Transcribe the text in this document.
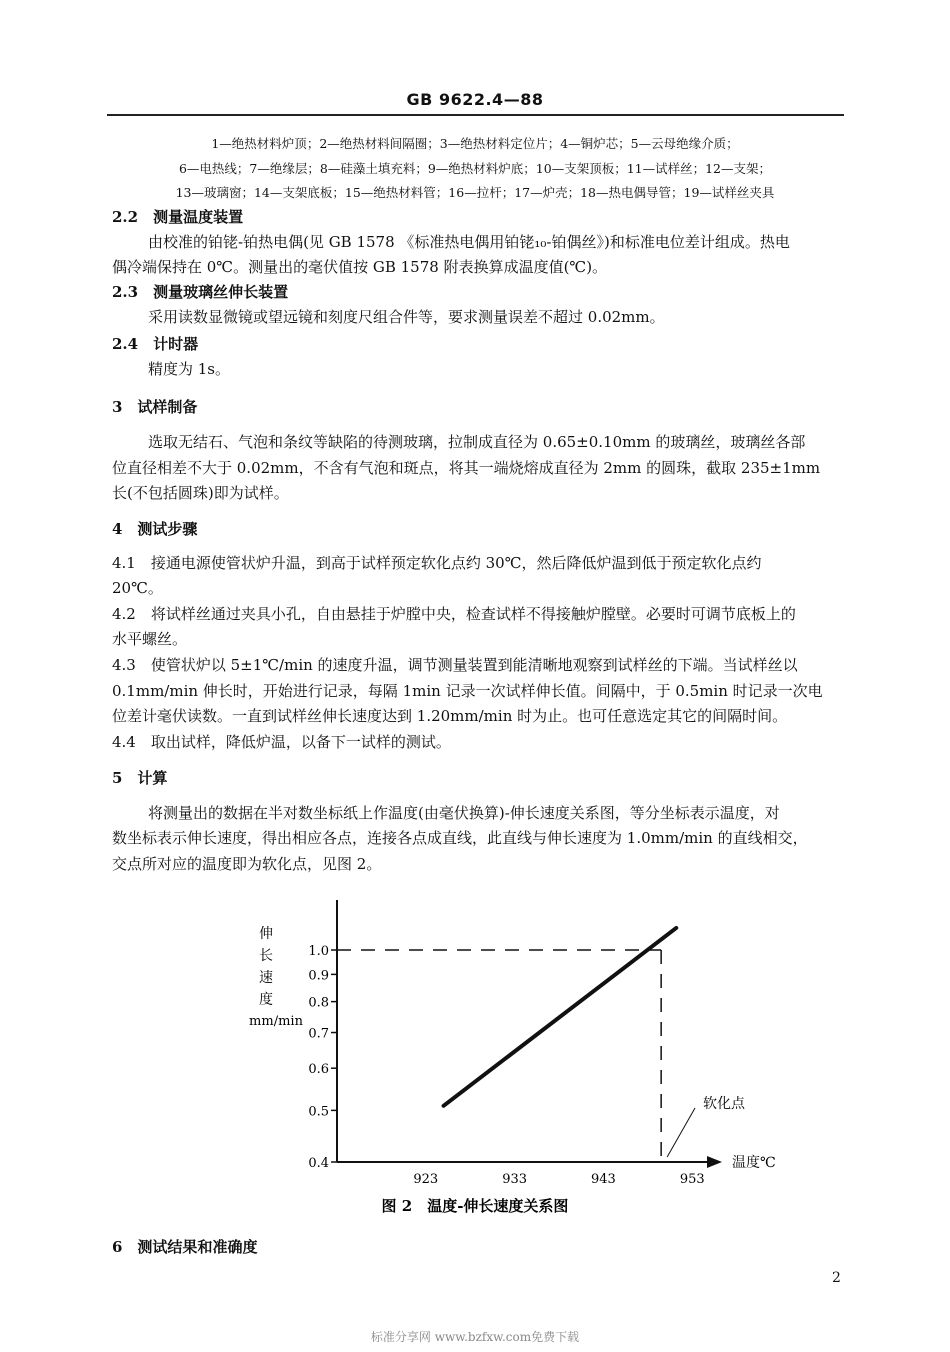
GB 9622.4—88
1—绝热材料炉顶；2—绝热材料间隔圈；3—绝热材料定位片；4—铜炉芯；5—云母绝缘介质；
6—电热线；7—绝缘层；8—硅藻土填充料；9—绝热材料炉底；10—支架顶板；11—试样丝；12—支架；
13—玻璃窗；14—支架底板；15—绝热材料管；16—拉杆；17—炉壳；18—热电偶导管；19—试样丝夹具
2.2　测量温度装置
由校准的铂铑-铂热电偶(见 GB 1578 《标准热电偶用铂铑₁₀-铂偶丝》)和标准电位差计组成。热电
偶冷端保持在 0℃。测量出的毫伏值按 GB 1578 附表换算成温度值(℃)。
2.3　测量玻璃丝伸长装置
采用读数显微镜或望远镜和刻度尺组合件等，要求测量误差不超过 0.02mm。
2.4　计时器
精度为 1s。
3　试样制备
选取无结石、气泡和条纹等缺陷的待测玻璃，拉制成直径为 0.65±0.10mm 的玻璃丝，玻璃丝各部
位直径相差不大于 0.02mm，不含有气泡和斑点，将其一端烧熔成直径为 2mm 的圆珠，截取 235±1mm
长(不包括圆珠)即为试样。
4　测试步骤
4.1　接通电源使管状炉升温，到高于试样预定软化点约 30℃，然后降低炉温到低于预定软化点约
20℃。
4.2　将试样丝通过夹具小孔，自由悬挂于炉膛中央，检查试样不得接触炉膛壁。必要时可调节底板上的
水平螺丝。
4.3　使管状炉以 5±1℃/min 的速度升温，调节测量装置到能清晰地观察到试样丝的下端。当试样丝以
0.1mm/min 伸长时，开始进行记录，每隔 1min 记录一次试样伸长值。间隔中，于 0.5min 时记录一次电
位差计毫伏读数。一直到试样丝伸长速度达到 1.20mm/min 时为止。也可任意选定其它的间隔时间。
4.4　取出试样，降低炉温，以备下一试样的测试。
5　计算
将测量出的数据在半对数坐标纸上作温度(由毫伏换算)-伸长速度关系图，等分坐标表示温度，对
数坐标表示伸长速度，得出相应各点，连接各点成直线，此直线与伸长速度为 1.0mm/min 的直线相交，
交点所对应的温度即为软化点，见图 2。
伸
长
速
度
mm/min
温度℃
图 2　温度-伸长速度关系图
1.0
0.9
0.8
0.7
0.6
0.5
0.4
923	933	943	953
软化点
6　测试结果和准确度
2
标准分享网 www.bzfxw.com免费下载
